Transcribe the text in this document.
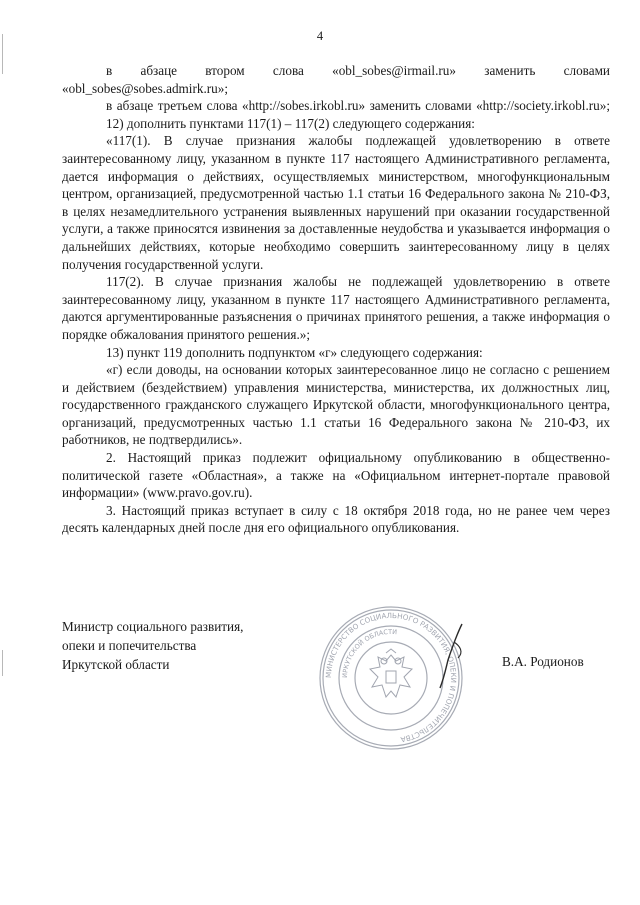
4

в абзаце втором слова «obl_sobes@irmail.ru» заменить словами «obl_sobes@sobes.admirk.ru»;

в абзаце третьем слова «http://sobes.irkobl.ru» заменить словами «http://society.irkobl.ru»;

12) дополнить пунктами 117(1) – 117(2) следующего содержания:

«117(1). В случае признания жалобы подлежащей удовлетворению в ответе заинтересованному лицу, указанном в пункте 117 настоящего Административного регламента, дается информация о действиях, осуществляемых министерством, многофункциональным центром, организацией, предусмотренной частью 1.1 статьи 16 Федерального закона № 210-ФЗ, в целях незамедлительного устранения выявленных нарушений при оказании государственной услуги, а также приносятся извинения за доставленные неудобства и указывается информация о дальнейших действиях, которые необходимо совершить заинтересованному лицу в целях получения государственной услуги.

117(2). В случае признания жалобы не подлежащей удовлетворению в ответе заинтересованному лицу, указанном в пункте 117 настоящего Административного регламента, даются аргументированные разъяснения о причинах принятого решения, а также информация о порядке обжалования принятого решения.»;

13) пункт 119 дополнить подпунктом «г» следующего содержания:

«г) если доводы, на основании которых заинтересованное лицо не согласно с решением и действием (бездействием) управления министерства, министерства, их должностных лиц, государственного гражданского служащего Иркутской области, многофункционального центра, организаций, предусмотренных частью 1.1 статьи 16 Федерального закона № 210-ФЗ, их работников, не подтвердились».

2. Настоящий приказ подлежит официальному опубликованию в общественно-политической газете «Областная», а также на «Официальном интернет-портале правовой информации» (www.pravo.gov.ru).

3. Настоящий приказ вступает в силу с 18 октября 2018 года, но не ранее чем через десять календарных дней после дня его официального опубликования.

Министр социального развития,
опеки и попечительства
Иркутской области	В.А. Родионов
МИНИСТЕРСТВО СОЦИАЛЬНОГО РАЗВИТИЯ, ОПЕКИ И ПОПЕЧИТЕЛЬСТВА
ИРКУТСКОЙ ОБЛАСТИ
